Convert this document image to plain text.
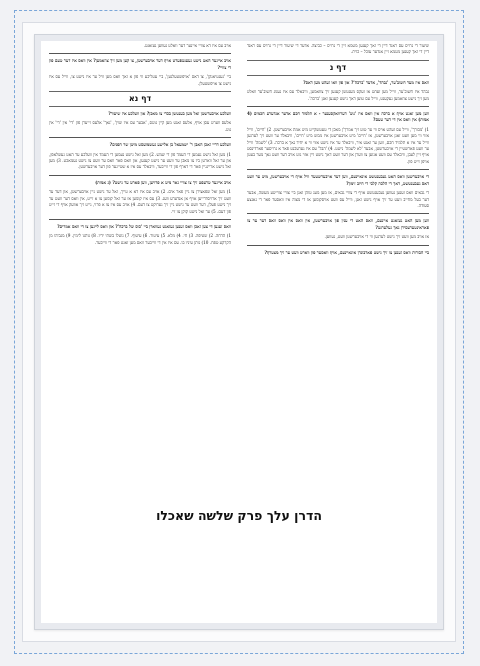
שיעור די גרויס עס ראנד דיין די זאך קענען מטמא זיין די גרויס – כביצה. אדער די שיעור דיין די גרויס עס ראנד דיין די זאך קענען מטמא זיין אנדער עוכל – כזית.

דף נ

וואס איז מער חשוב'ער, 'גבהד', אדער 'ברכה'? און פון וואו זעהט מען דאס?

גבהד איז חשוב'ער, ווייל מען זעהט אז זעקס מענטשן קענען זיך צוזאמען, וויבאלד עס איז גענוג חשוב'ער וואלט מען זיך גישט צוזאמען געקענט, ווייל עס טוען דאך נישט קענען זאגן 'ברכה'.

ווען מען זאגט אויף א ברכה אין וואס איז 'גוט' דערוואקסענער - א תלמוד חכם אדער אנדערע חכמים (4 אמות) אין וואס אין די דער טעם?

1) 'מבורך', ווייל עס זעהט אויס ווי ער טוט זיך אמרך'ן מאכן די טעטשקייט מיט אמת אויבערשטן. 2) 'חיים', ווייל אזוי ווי מען וועט זאגן אויבערשטן, אז 'חיים' מיט אויבערשטן איז ממש מיט 'חיים', וויבאלד ער וועט זיך לערנען ווייל ער איז א תלמיד חכם, ווען ער זאגט איר, וויבאלד ער איז נישט אזוי ווי א יחיד נאך א ברכה. 3) 'לשמה' ווייל ער וועט פארשטיין די אויבערשטן, אבער 'לא לשמה' נישט. 4) 'הבל' עס איז גערעכנט פאר א גרויסער פארדינסט אויף זיין לעבן, וויבאלד עס וועט אנזען צו ווערן און דער וועט דאך נישט זיין אזוי גוט אויב דער וועט נאך מער בעטן אויפן זייט פון.

די אויבערשטן וואס האט געבענטשט אינאיינעם, ווען דער אויבערשטער וויל אויף די אויבערשטן, מיט ער וועט דאס געבענטשט, דאך די הלכה קלבי די חיוב זימון?

די גבאים וואס זענען געווען געבענטשט אויף די צוויי גבאים, אז מען מעג טוהן זאגן ביי צוויי צווייטע מעשה, אבער דער בעל מחייב וועט ער זיך אויף נישט זאגן, ווייל עס וועט אויסקומען אז די מצוה איז וואסער פאר די גאנצע סעודה.

ווען מען האט געזאגט איינעם, וואס האט די ענין פון אויבערשטן, אין וואס אין וואס וואס דער ער צו פאראינטערעסירן נאך געלערנט?

אז אויב מען וועט זיך נישט לערנען ווי די אויבערשטן וועט, געווען.

ביי חבורות וואס זענען צו זיך נישט פארבונדן אינאיינעם, אויף וואסער פון ווארט וועט ער זיך מצטרף?

אויב עס איז דא צוויי איינער דער וואלט געווען געזאגט.

אויב איינער האט נישט געענטפערט אויף דער אויבערשטן, צו קען מען זיך צוזאמען? אין וואס איז דער טעם פון די צוויי?

ביי 'גענטיאנקן', צו דאס 'אויפשטעלגען', ביי עטליכע ווי פון א זאך וואס מען וויל ער איז נישט צו, ווייל עס איז נישט צו אויפשטעלן.

דף נא

וועלכע אויבערשטן זאל מען בענטשן בכדי צו מאכן? און וועלכע איז שיעור?

אלעס ווערט עסן אויף, אלעס זאגט מען קיין גוטס, 'אבער עס איז שוין', 'נאך' אלעס זייערן פון 'די' אין 'די' אין גוט.

וועלכע דריי זאכן האבן ר' ישמעאל בן אלישע געשמועסט מיטן שר הפנים?

1) מען זאל נישט נעמען די העמד פון די שמש. 2) מען זאל נישט נעמען די העמד אין וועלכע ער האט געשלאפן, און ער זאל ווארטן ביז צו מאכן ער וועט ער נישט קענען, און וואס פאר וואס ער וועט צו נישט געמאכט. 3) מען זאל נישט אריינגיין פאר די דארף פון די ווייבער, וויבאלד עס איז א שטייגער פון דער אויבערשטן.

אויב איינער טרעפט זיך צו צוויי נאר מיט א פרויען, ווען פארט ער נישט? (נ אמות)

1) מען זאל שפאצירן צו גיין פאר אים. 2) אויב עס איז דא א טייך, זאל ער נישט גיין אויבערשטן, און דער ער וועט זיך ארויסדרייען אויף אן אנדערע וועג. 3) עס איז קומען אז ער זאל קומען צו א זייט, אין וואס דער וועט ער זיך נישט פעלן, דער וועט ער נישט גיין זיך גערוקט צו דעם. 4) אויב עס איז צו א פרוי, גייט זיך אוועק אויף די זייט פון דעם. 5) ער זאל נישט קוקן צו זיי.

וואס זענען די צען זאכן וואס זענען געזאגט געווארן ביי 'כוס של ברכה'? און וואס ליינען צו די וואס אמרים?

1) הדחה. 2) שטיפה. 3) חי. 4) מלא. 5) עיטור. 6) עיטוף. 7) נוטלו בשתי ידיו. 8) נותנו לימין. 9) מגביהו מן הקרקע טפח. 10) נותן עיניו בו. עס איז אין די ווייבער וואס מען זאגט פאר די ווייבער.

הדרן עלך פרק שלשה שאכלו
